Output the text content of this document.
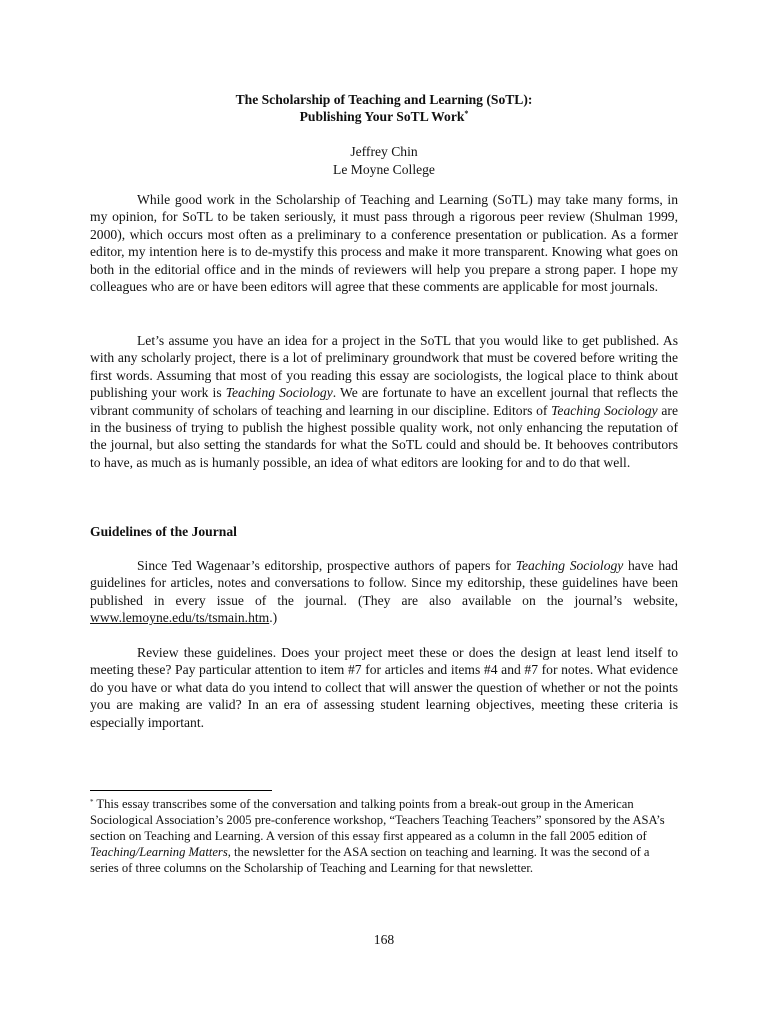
The Scholarship of Teaching and Learning (SoTL):
Publishing Your SoTL Work*
Jeffrey Chin
Le Moyne College

While good work in the Scholarship of Teaching and Learning (SoTL) may take many forms, in my opinion, for SoTL to be taken seriously, it must pass through a rigorous peer review (Shulman 1999, 2000), which occurs most often as a preliminary to a conference presentation or publication. As a former editor, my intention here is to de-mystify this process and make it more transparent. Knowing what goes on both in the editorial office and in the minds of reviewers will help you prepare a strong paper. I hope my colleagues who are or have been editors will agree that these comments are applicable for most journals.

Let’s assume you have an idea for a project in the SoTL that you would like to get published. As with any scholarly project, there is a lot of preliminary groundwork that must be covered before writing the first words. Assuming that most of you reading this essay are sociologists, the logical place to think about publishing your work is Teaching Sociology. We are fortunate to have an excellent journal that reflects the vibrant community of scholars of teaching and learning in our discipline. Editors of Teaching Sociology are in the business of trying to publish the highest possible quality work, not only enhancing the reputation of the journal, but also setting the standards for what the SoTL could and should be. It behooves contributors to have, as much as is humanly possible, an idea of what editors are looking for and to do that well.

Guidelines of the Journal

Since Ted Wagenaar’s editorship, prospective authors of papers for Teaching Sociology have had guidelines for articles, notes and conversations to follow. Since my editorship, these guidelines have been published in every issue of the journal. (They are also available on the journal’s website, www.lemoyne.edu/ts/tsmain.htm.)

Review these guidelines. Does your project meet these or does the design at least lend itself to meeting these? Pay particular attention to item #7 for articles and items #4 and #7 for notes. What evidence do you have or what data do you intend to collect that will answer the question of whether or not the points you are making are valid? In an era of assessing student learning objectives, meeting these criteria is especially important.

* This essay transcribes some of the conversation and talking points from a break-out group in the American Sociological Association’s 2005 pre-conference workshop, “Teachers Teaching Teachers” sponsored by the ASA’s section on Teaching and Learning. A version of this essay first appeared as a column in the fall 2005 edition of Teaching/Learning Matters, the newsletter for the ASA section on teaching and learning. It was the second of a series of three columns on the Scholarship of Teaching and Learning for that newsletter.
168
